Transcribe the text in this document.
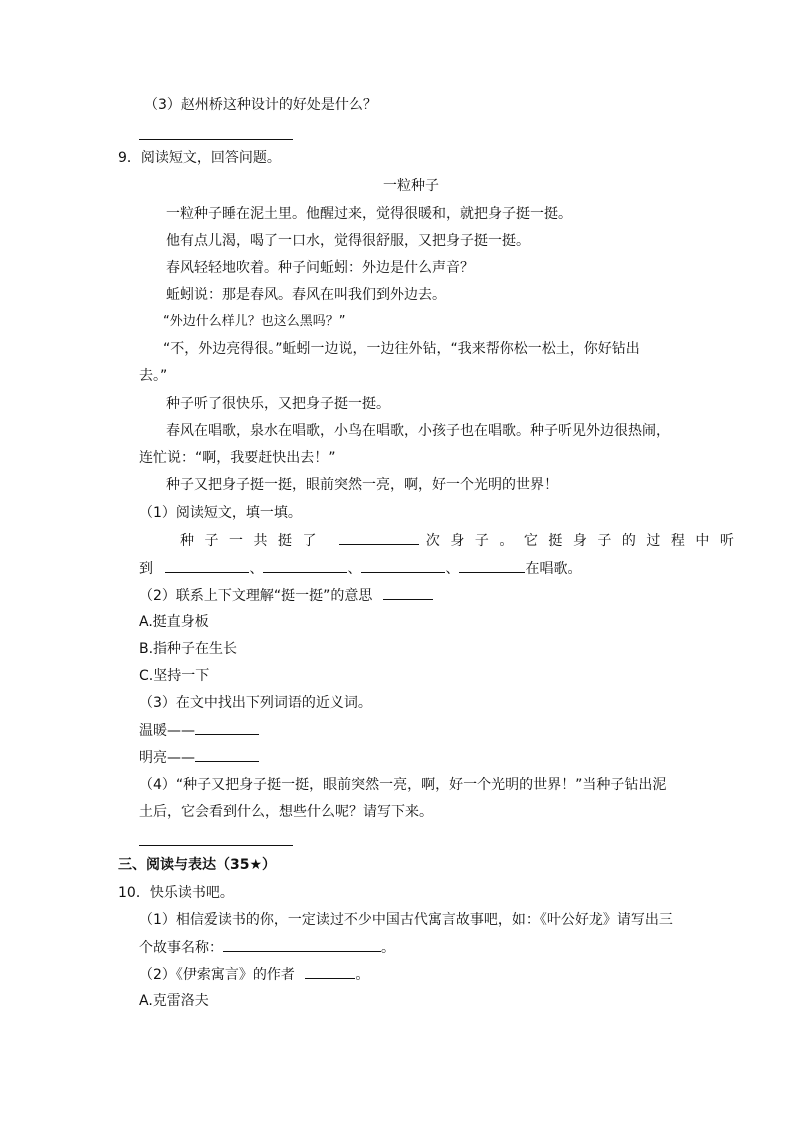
（3）赵州桥这种设计的好处是什么？
9．阅读短文，回答问题。
一粒种子
一粒种子睡在泥土里。他醒过来，觉得很暖和，就把身子挺一挺。
他有点儿渴，喝了一口水，觉得很舒服，又把身子挺一挺。
春风轻轻地吹着。种子问蚯蚓：外边是什么声音？
蚯蚓说：那是春风。春风在叫我们到外边去。
“外边什么样儿？也这么黑吗？”
“不，外边亮得很。”蚯蚓一边说，一边往外钻，“我来帮你松一松土，你好钻出
去。”
种子听了很快乐，又把身子挺一挺。
春风在唱歌，泉水在唱歌，小鸟在唱歌，小孩子也在唱歌。种子听见外边很热闹，
连忙说：“啊，我要赶快出去！”
种子又把身子挺一挺，眼前突然一亮，啊，好一个光明的世界！
（1）阅读短文，填一填。
种子一共挺了	次身子。它挺身子的过程中听
到	、	、	、	在唱歌。
（2）联系上下文理解“挺一挺”的意思
A.挺直身板
B.指种子在生长
C.坚持一下
（3）在文中找出下列词语的近义词。
温暖——
明亮——
（4）“种子又把身子挺一挺，眼前突然一亮，啊，好一个光明的世界！”当种子钻出泥
土后，它会看到什么，想些什么呢？请写下来。
三、阅读与表达（35★）
10．快乐读书吧。
（1）相信爱读书的你，一定读过不少中国古代寓言故事吧，如：《叶公好龙》请写出三
个故事名称：	。
（2）《伊索寓言》的作者	。
A.克雷洛夫
